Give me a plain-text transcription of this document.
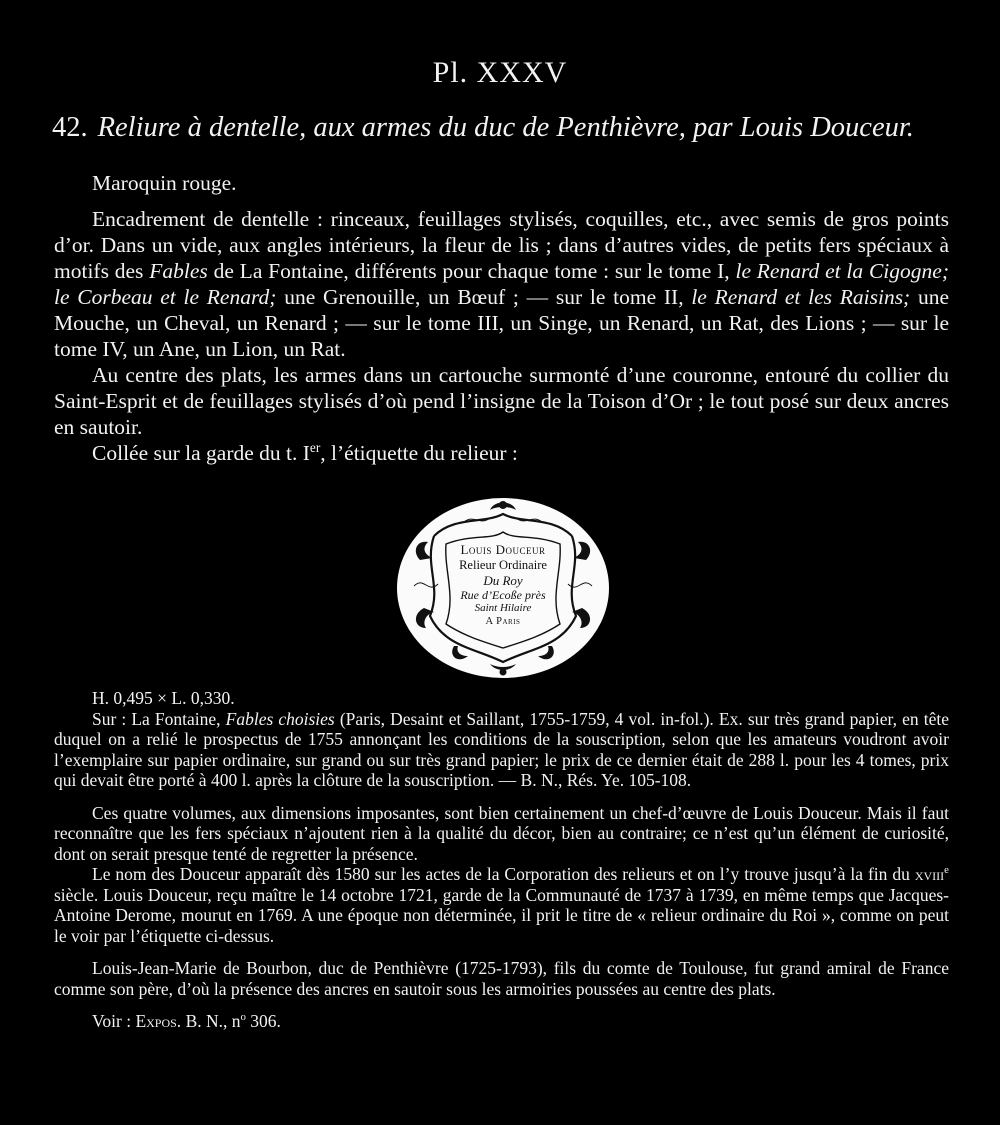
Pl. XXXV
42. Reliure à dentelle, aux armes du duc de Penthièvre, par Louis Douceur.

Maroquin rouge.

Encadrement de dentelle : rinceaux, feuillages stylisés, coquilles, etc., avec semis de gros points d’or. Dans un vide, aux angles intérieurs, la fleur de lis ; dans d’autres vides, de petits fers spéciaux à motifs des Fables de La Fontaine, différents pour chaque tome : sur le tome I, le Renard et la Cigogne; le Corbeau et le Renard; une Grenouille, un Bœuf ; — sur le tome II, le Renard et les Raisins; une Mouche, un Cheval, un Renard ; — sur le tome III, un Singe, un Renard, un Rat, des Lions ; — sur le tome IV, un Ane, un Lion, un Rat.

Au centre des plats, les armes dans un cartouche surmonté d’une couronne, entouré du collier du Saint-Esprit et de feuillages stylisés d’où pend l’insigne de la Toison d’Or ; le tout posé sur deux ancres en sautoir.

Collée sur la garde du t. Ier, l’étiquette du relieur :

Louis Douceur
Relieur Ordinaire
Du Roy
Rue d’Ecoße près
Saint Hilaire
A Paris

H. 0,495 × L. 0,330.

Sur : La Fontaine, Fables choisies (Paris, Desaint et Saillant, 1755-1759, 4 vol. in-fol.). Ex. sur très grand papier, en tête duquel on a relié le prospectus de 1755 annonçant les conditions de la souscription, selon que les amateurs voudront avoir l’exemplaire sur papier ordinaire, sur grand ou sur très grand papier; le prix de ce dernier était de 288 l. pour les 4 tomes, prix qui devait être porté à 400 l. après la clôture de la souscription. — B. N., Rés. Ye. 105-108.

Ces quatre volumes, aux dimensions imposantes, sont bien certainement un chef-d’œuvre de Louis Douceur. Mais il faut reconnaître que les fers spéciaux n’ajoutent rien à la qualité du décor, bien au contraire; ce n’est qu’un élément de curiosité, dont on serait presque tenté de regretter la présence.

Le nom des Douceur apparaît dès 1580 sur les actes de la Corporation des relieurs et on l’y trouve jusqu’à la fin du xviii$^e$ siècle. Louis Douceur, reçu maître le 14 octobre 1721, garde de la Communauté de 1737 à 1739, en même temps que Jacques-Antoine Derome, mourut en 1769. A une époque non déterminée, il prit le titre de « relieur ordinaire du Roi », comme on peut le voir par l’étiquette ci-dessus.

Louis-Jean-Marie de Bourbon, duc de Penthièvre (1725-1793), fils du comte de Toulouse, fut grand amiral de France comme son père, d’où la présence des ancres en sautoir sous les armoiries poussées au centre des plats.

Voir : Expos. B. N., $n^o$ 306.
